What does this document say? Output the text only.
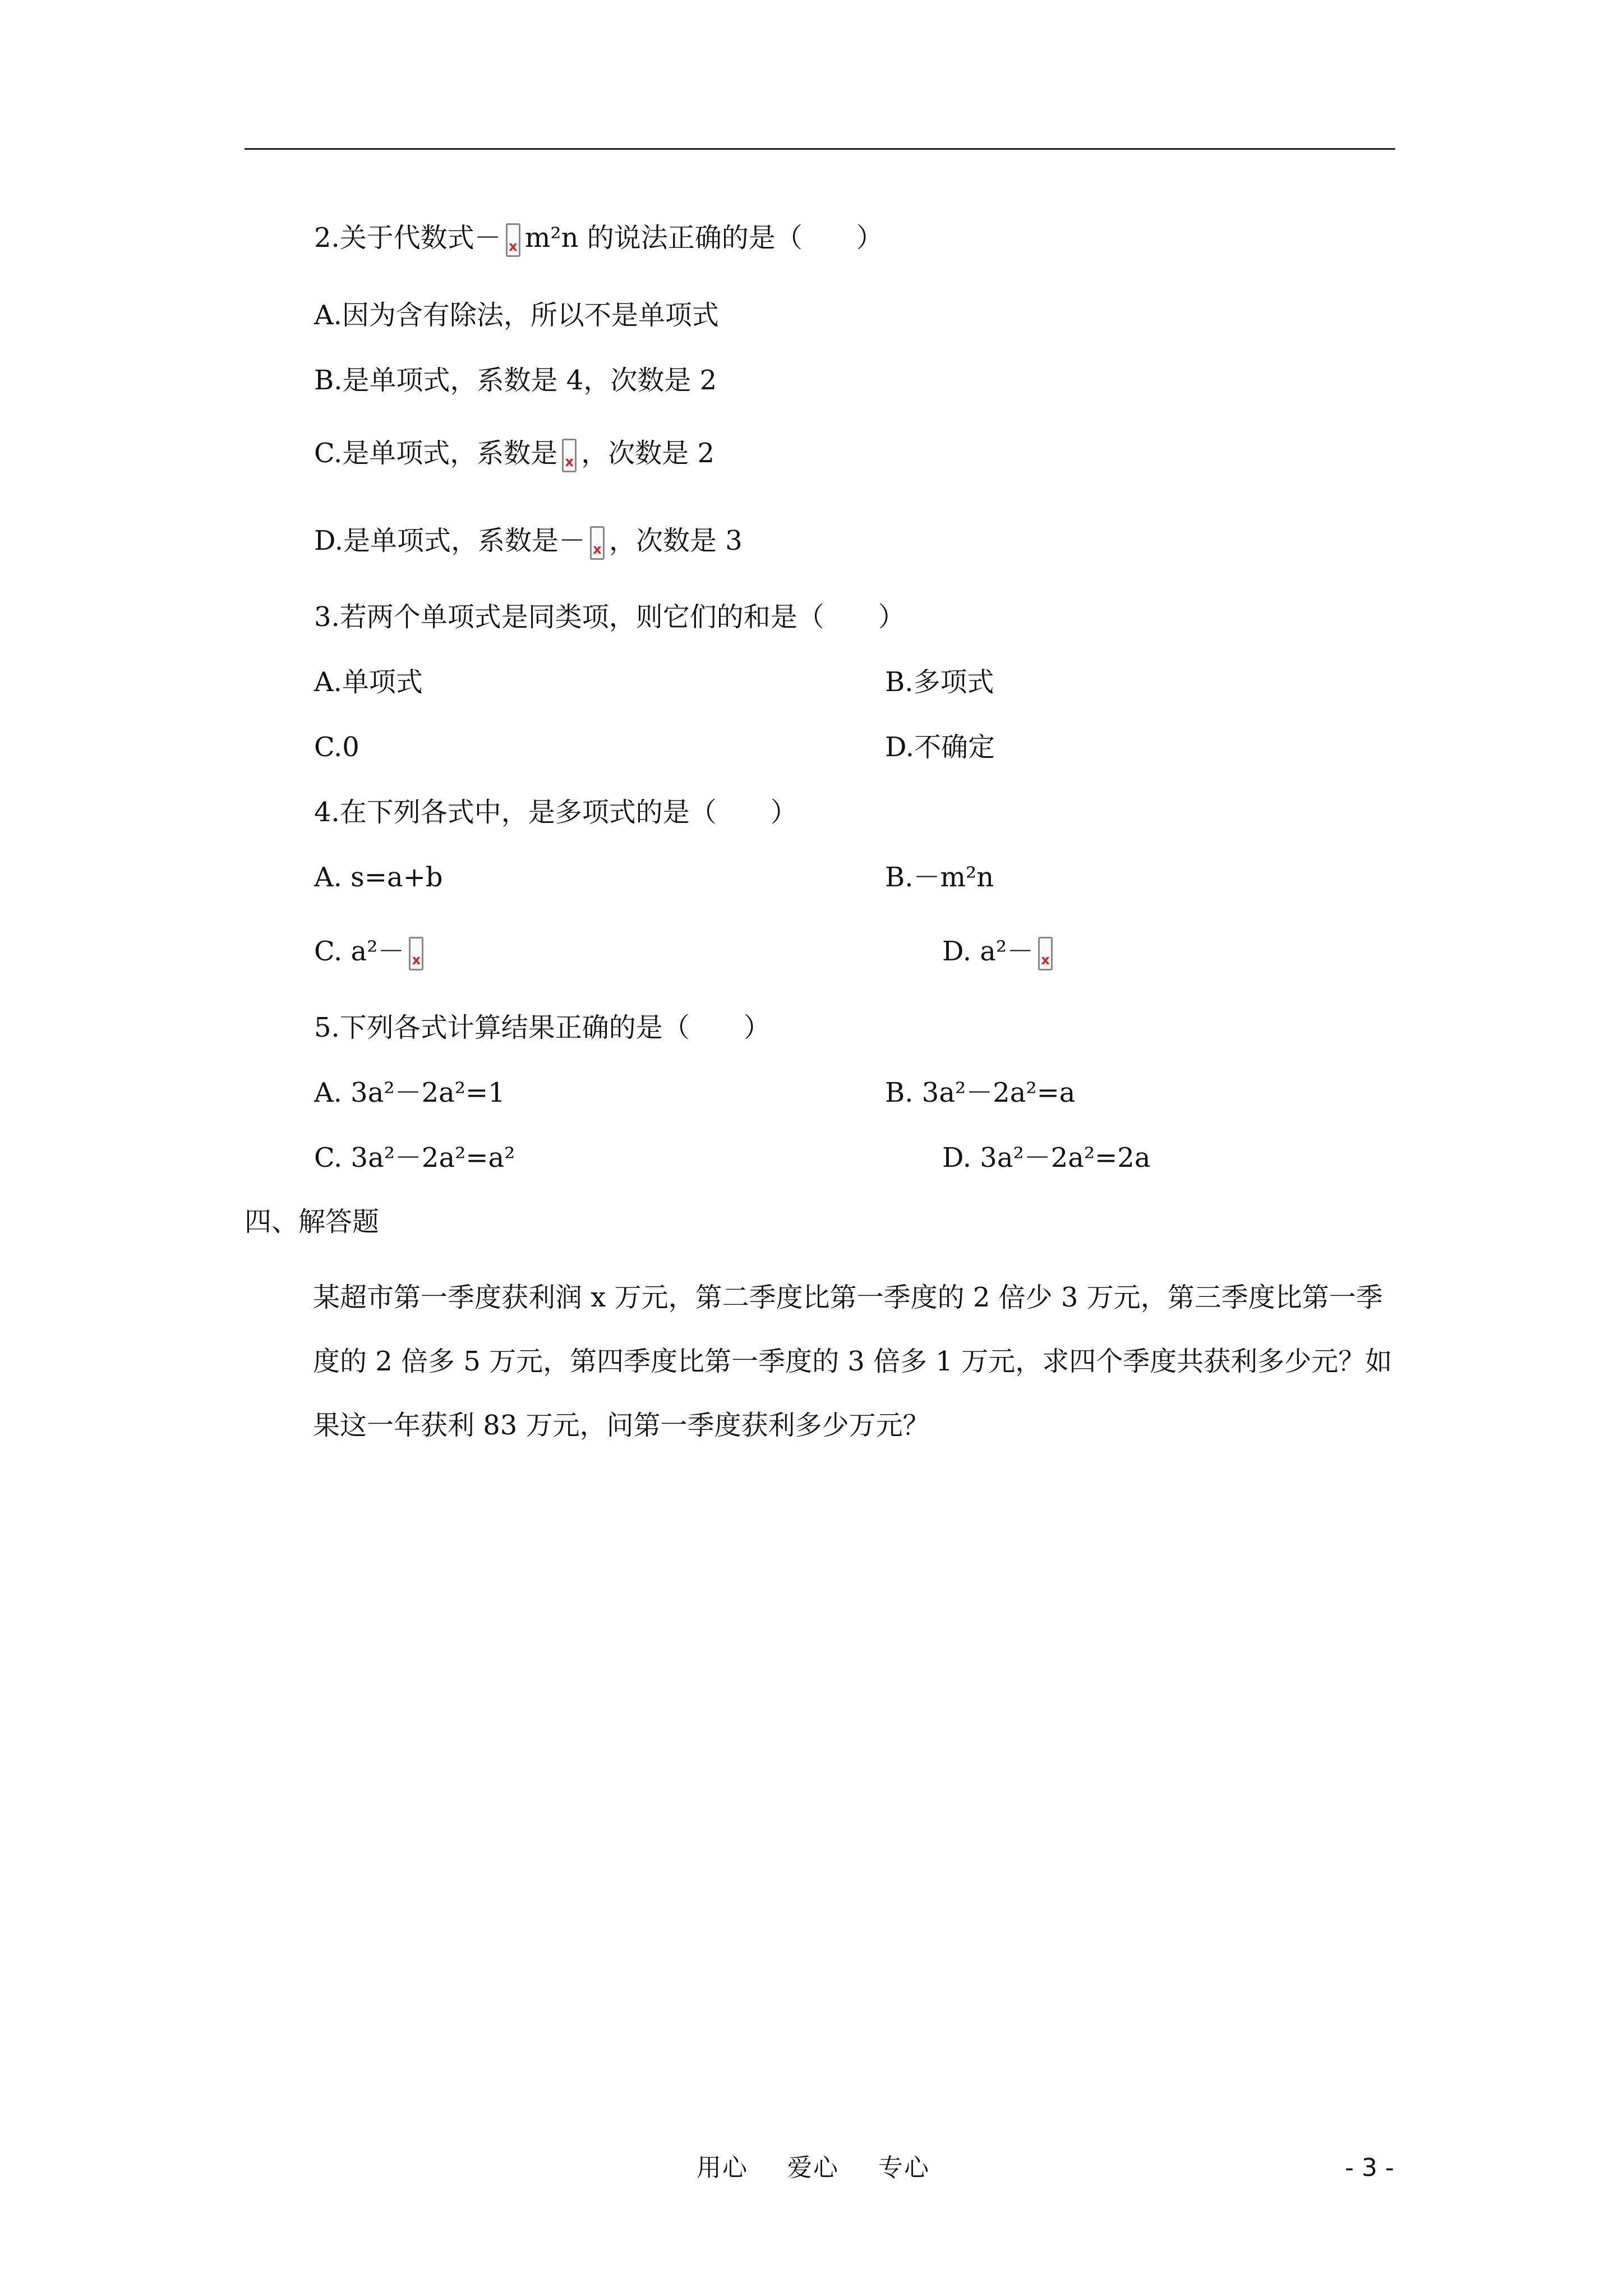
2.关于代数式－ x m²n 的说法正确的是（　　）
A.因为含有除法，所以不是单项式
B.是单项式，系数是 4，次数是 2
C.是单项式，系数是 x ，次数是 2
D.是单项式，系数是－ x ，次数是 3
3.若两个单项式是同类项，则它们的和是（　　）
A.单项式	B.多项式
C.0	D.不确定
4.在下列各式中，是多项式的是（　　）
A. s=a+b	B.－m²n
C. a²－ x	D. a²－x
5.下列各式计算结果正确的是（　　）
A. 3a²－2a²=1	B. 3a²－2a²=a
C. 3a²－2a²=a²	D. 3a²－2a²=2a
四、解答题

某超市第一季度获利润 x 万元，第二季度比第一季度的 2 倍少 3 万元，第三季度比第一季度的 2 倍多 5 万元，第四季度比第一季度的 3 倍多 1 万元，求四个季度共获利多少元？如果这一年获利 83 万元，问第一季度获利多少万元？

用心 爱心 专心	- 3 -
